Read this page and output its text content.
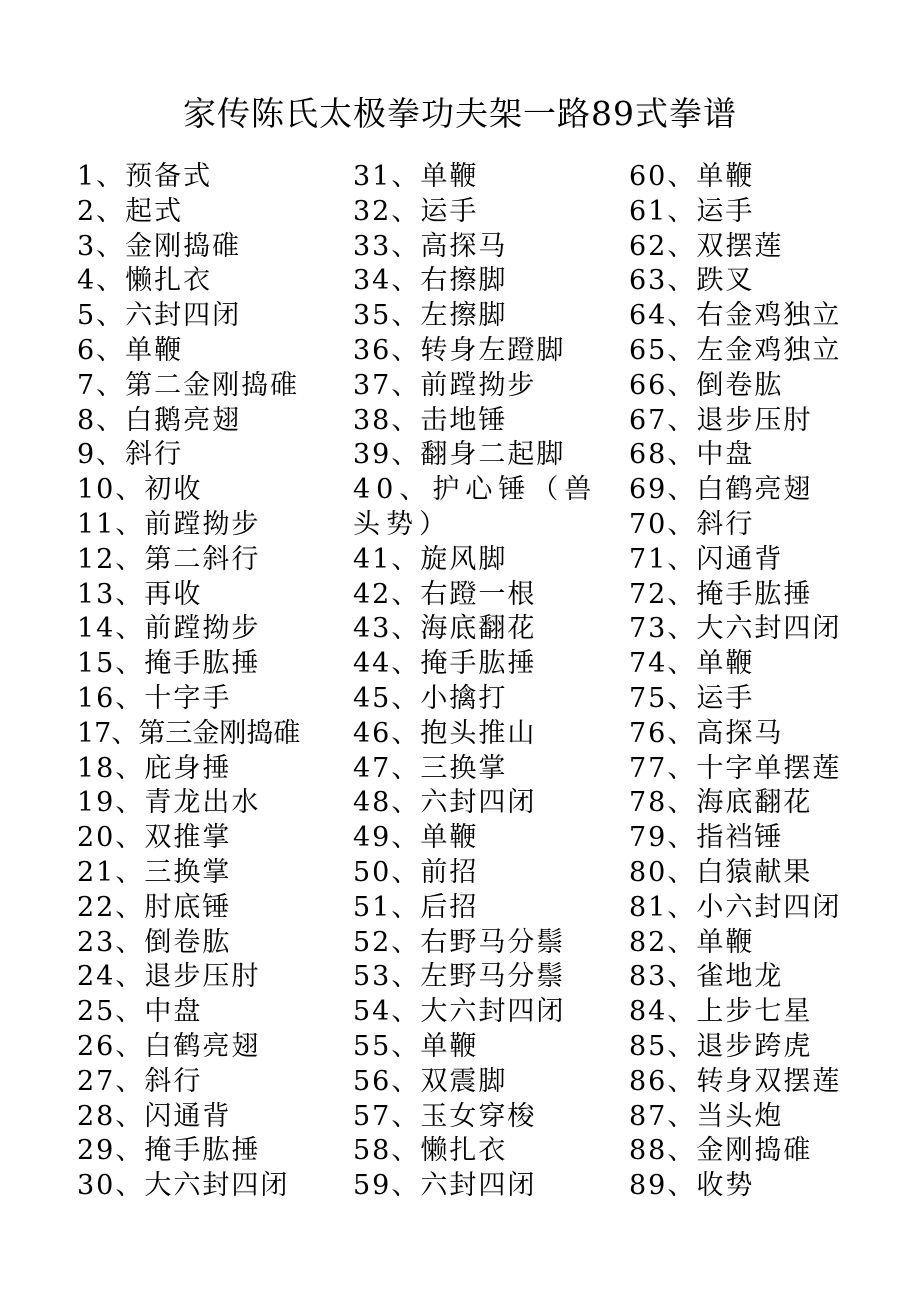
家传陈氏太极拳功夫架一路89式拳谱
1、预备式
2、起式
3、金刚捣碓
4、懒扎衣
5、六封四闭
6、单鞭
7、第二金刚捣碓
8、白鹅亮翅
9、斜行
10、初收
11、前蹚拗步
12、第二斜行
13、再收
14、前蹚拗步
15、掩手肱捶
16、十字手
17、第三金刚捣碓
18、庇身捶
19、青龙出水
20、双推掌
21、三换掌
22、肘底锤
23、倒卷肱
24、退步压肘
25、中盘
26、白鹤亮翅
27、斜行
28、闪通背
29、掩手肱捶
30、大六封四闭
31、单鞭
32、运手
33、高探马
34、右擦脚
35、左擦脚
36、转身左蹬脚
37、前蹚拗步
38、击地锤
39、翻身二起脚
40、护心锤（兽头势）
41、旋风脚
42、右蹬一根
43、海底翻花
44、掩手肱捶
45、小擒打
46、抱头推山
47、三换掌
48、六封四闭
49、单鞭
50、前招
51、后招
52、右野马分鬃
53、左野马分鬃
54、大六封四闭
55、单鞭
56、双震脚
57、玉女穿梭
58、懒扎衣
59、六封四闭
60、单鞭
61、运手
62、双摆莲
63、跌叉
64、右金鸡独立
65、左金鸡独立
66、倒卷肱
67、退步压肘
68、中盘
69、白鹤亮翅
70、斜行
71、闪通背
72、掩手肱捶
73、大六封四闭
74、单鞭
75、运手
76、高探马
77、十字单摆莲
78、海底翻花
79、指裆锤
80、白猿献果
81、小六封四闭
82、单鞭
83、雀地龙
84、上步七星
85、退步跨虎
86、转身双摆莲
87、当头炮
88、金刚捣碓
89、收势
